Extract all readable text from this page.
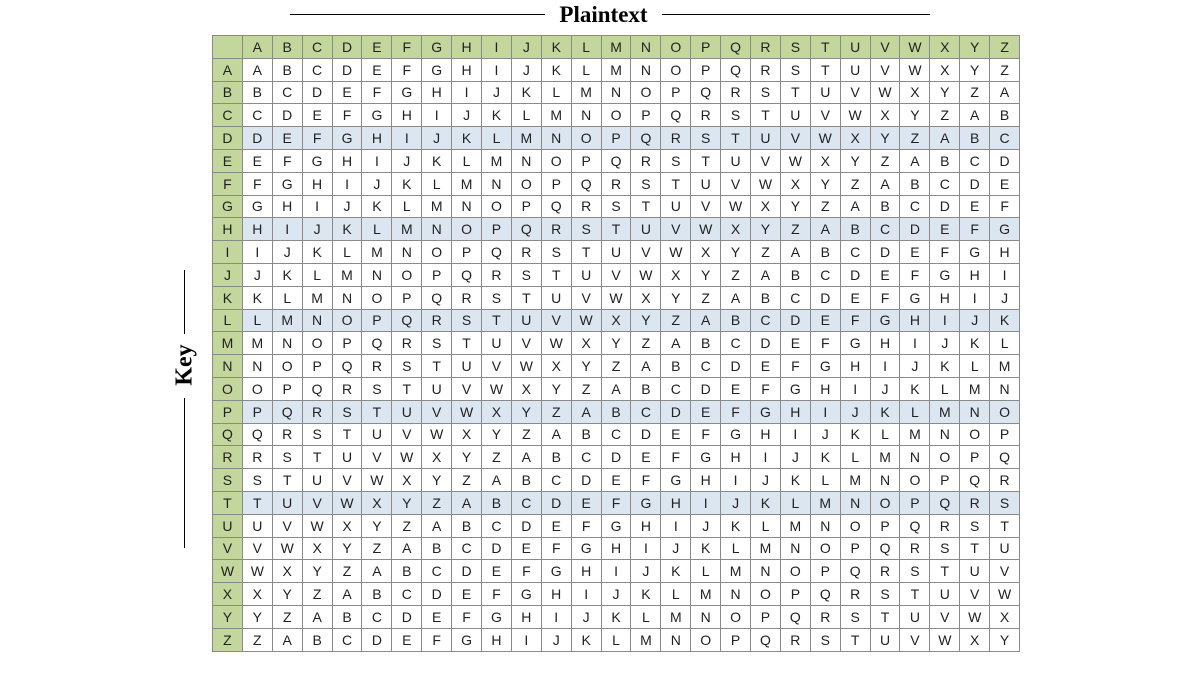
Plaintext
Key
	A	B	C	D	E	F	G	H	I	J	K	L	M	N	O	P	Q	R	S	T	U	V	W	X	Y	Z
A	A	B	C	D	E	F	G	H	I	J	K	L	M	N	O	P	Q	R	S	T	U	V	W	X	Y	Z
B	B	C	D	E	F	G	H	I	J	K	L	M	N	O	P	Q	R	S	T	U	V	W	X	Y	Z	A
C	C	D	E	F	G	H	I	J	K	L	M	N	O	P	Q	R	S	T	U	V	W	X	Y	Z	A	B
D	D	E	F	G	H	I	J	K	L	M	N	O	P	Q	R	S	T	U	V	W	X	Y	Z	A	B	C
E	E	F	G	H	I	J	K	L	M	N	O	P	Q	R	S	T	U	V	W	X	Y	Z	A	B	C	D
F	F	G	H	I	J	K	L	M	N	O	P	Q	R	S	T	U	V	W	X	Y	Z	A	B	C	D	E
G	G	H	I	J	K	L	M	N	O	P	Q	R	S	T	U	V	W	X	Y	Z	A	B	C	D	E	F
H	H	I	J	K	L	M	N	O	P	Q	R	S	T	U	V	W	X	Y	Z	A	B	C	D	E	F	G
I	I	J	K	L	M	N	O	P	Q	R	S	T	U	V	W	X	Y	Z	A	B	C	D	E	F	G	H
J	J	K	L	M	N	O	P	Q	R	S	T	U	V	W	X	Y	Z	A	B	C	D	E	F	G	H	I
K	K	L	M	N	O	P	Q	R	S	T	U	V	W	X	Y	Z	A	B	C	D	E	F	G	H	I	J
L	L	M	N	O	P	Q	R	S	T	U	V	W	X	Y	Z	A	B	C	D	E	F	G	H	I	J	K
M	M	N	O	P	Q	R	S	T	U	V	W	X	Y	Z	A	B	C	D	E	F	G	H	I	J	K	L
N	N	O	P	Q	R	S	T	U	V	W	X	Y	Z	A	B	C	D	E	F	G	H	I	J	K	L	M
O	O	P	Q	R	S	T	U	V	W	X	Y	Z	A	B	C	D	E	F	G	H	I	J	K	L	M	N
P	P	Q	R	S	T	U	V	W	X	Y	Z	A	B	C	D	E	F	G	H	I	J	K	L	M	N	O
Q	Q	R	S	T	U	V	W	X	Y	Z	A	B	C	D	E	F	G	H	I	J	K	L	M	N	O	P
R	R	S	T	U	V	W	X	Y	Z	A	B	C	D	E	F	G	H	I	J	K	L	M	N	O	P	Q
S	S	T	U	V	W	X	Y	Z	A	B	C	D	E	F	G	H	I	J	K	L	M	N	O	P	Q	R
T	T	U	V	W	X	Y	Z	A	B	C	D	E	F	G	H	I	J	K	L	M	N	O	P	Q	R	S
U	U	V	W	X	Y	Z	A	B	C	D	E	F	G	H	I	J	K	L	M	N	O	P	Q	R	S	T
V	V	W	X	Y	Z	A	B	C	D	E	F	G	H	I	J	K	L	M	N	O	P	Q	R	S	T	U
W	W	X	Y	Z	A	B	C	D	E	F	G	H	I	J	K	L	M	N	O	P	Q	R	S	T	U	V
X	X	Y	Z	A	B	C	D	E	F	G	H	I	J	K	L	M	N	O	P	Q	R	S	T	U	V	W
Y	Y	Z	A	B	C	D	E	F	G	H	I	J	K	L	M	N	O	P	Q	R	S	T	U	V	W	X
Z	Z	A	B	C	D	E	F	G	H	I	J	K	L	M	N	O	P	Q	R	S	T	U	V	W	X	Y
